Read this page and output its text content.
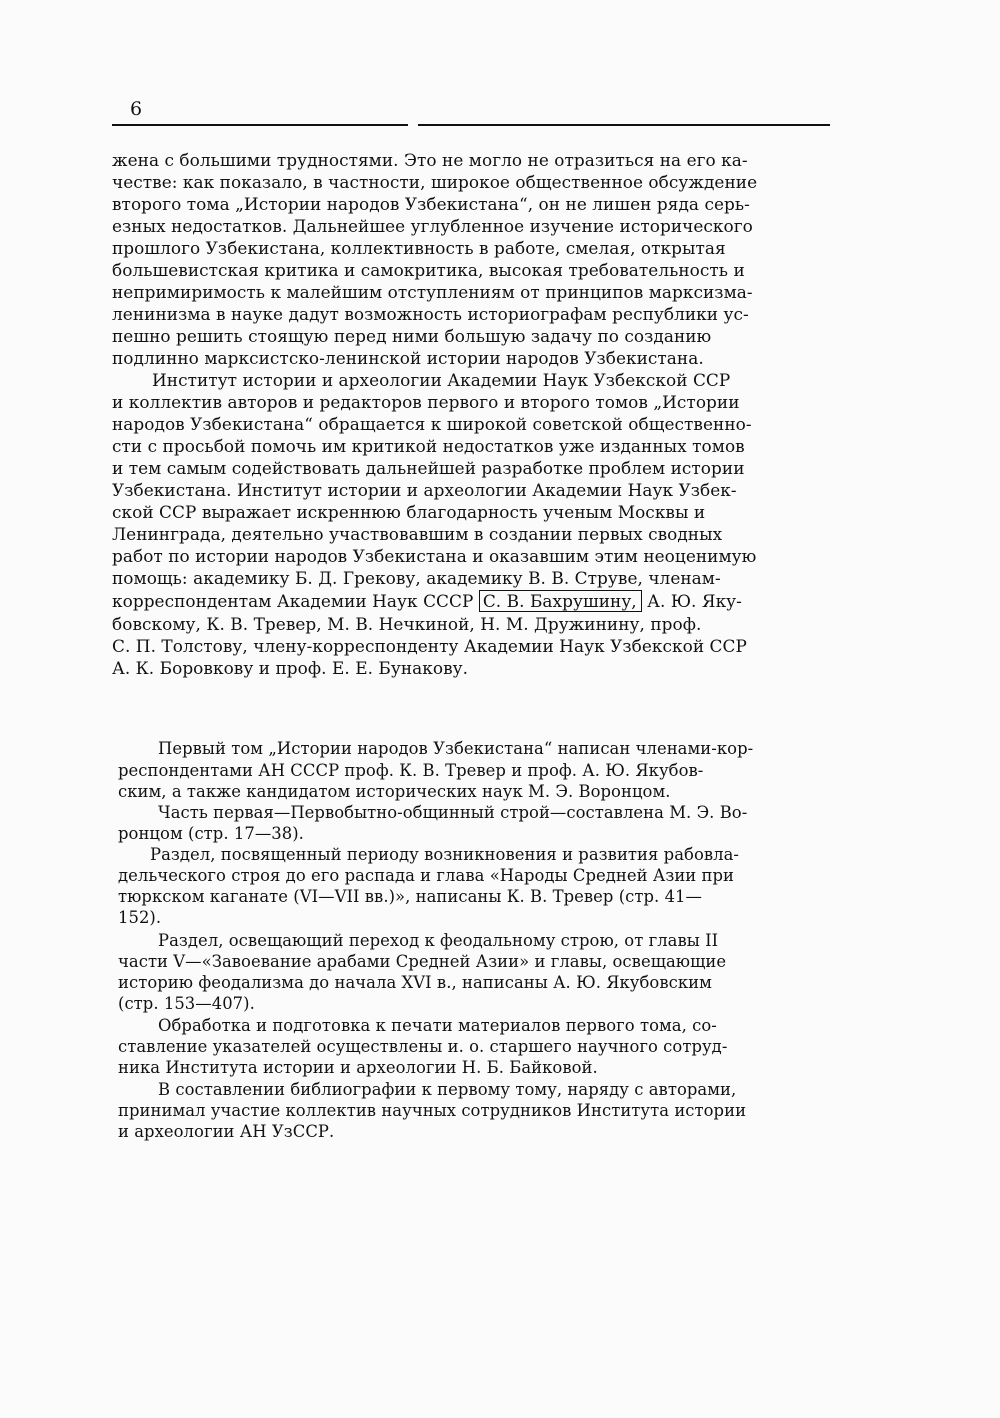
6
жена с большими трудностями. Это не могло не отразиться на его ка-
честве: как показало, в частности, широкое общественное обсуждение
второго тома „Истории народов Узбекистана“, он не лишен ряда серь-
езных недостатков. Дальнейшее углубленное изучение исторического
прошлого Узбекистана, коллективность в работе, смелая, открытая
большевистская критика и самокритика, высокая требовательность и
непримиримость к малейшим отступлениям от принципов марксизма-
ленинизма в науке дадут возможность историографам республики ус-
пешно решить стоящую перед ними большую задачу по созданию
подлинно марксистско-ленинской истории народов Узбекистана.
Институт истории и археологии Академии Наук Узбекской ССР
и коллектив авторов и редакторов первого и второго томов „Истории
народов Узбекистана“ обращается к широкой советской общественно-
сти с просьбой помочь им критикой недостатков уже изданных томов
и тем самым содействовать дальнейшей разработке проблем истории
Узбекистана. Институт истории и археологии Академии Наук Узбек-
ской ССР выражает искреннюю благодарность ученым Москвы и
Ленинграда, деятельно участвовавшим в создании первых сводных
работ по истории народов Узбекистана и оказавшим этим неоценимую
помощь: академику Б. Д. Грекову, академику В. В. Струве, членам-
корреспондентам Академии Наук СССР С. В. Бахрушину, А. Ю. Яку-
бовскому, К. В. Тревер, М. В. Нечкиной, Н. М. Дружинину, проф.
С. П. Толстову, члену-корреспонденту Академии Наук Узбекской ССР
А. К. Боровкову и проф. Е. Е. Бунакову.
Первый том „Истории народов Узбекистана“ написан членами-кор-
респондентами АН СССР проф. К. В. Тревер и проф. А. Ю. Якубов-
ским, а также кандидатом исторических наук М. Э. Воронцом.
Часть первая—Первобытно-общинный строй—составлена М. Э. Во-
ронцом (стр. 17—38).
Раздел, посвященный периоду возникновения и развития рабовла-
дельческого строя до его распада и глава «Народы Средней Азии при
тюркском каганате (VI—VII вв.)», написаны К. В. Тревер (стр. 41—
152).
Раздел, освещающий переход к феодальному строю, от главы II
части V—«Завоевание арабами Средней Азии» и главы, освещающие
историю феодализма до начала XVI в., написаны А. Ю. Якубовским
(стр. 153—407).
Обработка и подготовка к печати материалов первого тома, со-
ставление указателей осуществлены и. о. старшего научного сотруд-
ника Института истории и археологии Н. Б. Байковой.
В составлении библиографии к первому тому, наряду с авторами,
принимал участие коллектив научных сотрудников Института истории
и археологии АН УзССР.
